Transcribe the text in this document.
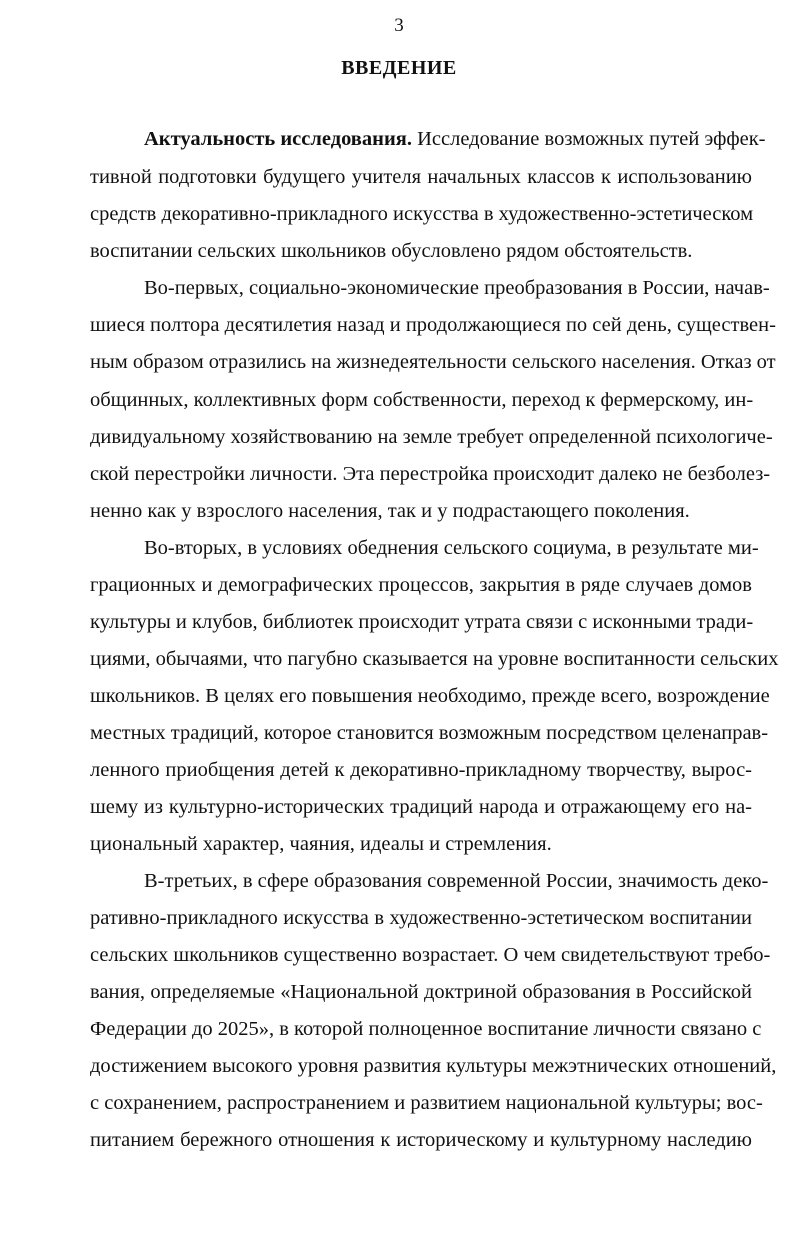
3
ВВЕДЕНИЕ
Актуальность исследования. Исследование возможных путей эффек-
тивной подготовки будущего учителя начальных классов к использованию
средств декоративно-прикладного искусства в художественно-эстетическом
воспитании сельских школьников обусловлено рядом обстоятельств.
Во-первых, социально-экономические преобразования в России, начав-
шиеся полтора десятилетия назад и продолжающиеся по сей день, существен-
ным образом отразились на жизнедеятельности сельского населения. Отказ от
общинных, коллективных форм собственности, переход к фермерскому, ин-
дивидуальному хозяйствованию на земле требует определенной психологиче-
ской перестройки личности. Эта перестройка происходит далеко не безболез-
ненно как у взрослого населения, так и у подрастающего поколения.
Во-вторых, в условиях обеднения сельского социума, в результате ми-
грационных и демографических процессов, закрытия в ряде случаев домов
культуры и клубов, библиотек происходит утрата связи с исконными тради-
циями, обычаями, что пагубно сказывается на уровне воспитанности сельских
школьников. В целях его повышения необходимо, прежде всего, возрождение
местных традиций, которое становится возможным посредством целенаправ-
ленного приобщения детей к декоративно-прикладному творчеству, вырос-
шему из культурно-исторических традиций народа и отражающему его на-
циональный характер, чаяния, идеалы и стремления.
В-третьих, в сфере образования современной России, значимость деко-
ративно-прикладного искусства в художественно-эстетическом воспитании
сельских школьников существенно возрастает. О чем свидетельствуют требо-
вания, определяемые «Национальной доктриной образования в Российской
Федерации до 2025», в которой полноценное воспитание личности связано с
достижением высокого уровня развития культуры межэтнических отношений,
с сохранением, распространением и развитием национальной культуры; вос-
питанием бережного отношения к историческому и культурному наследию
